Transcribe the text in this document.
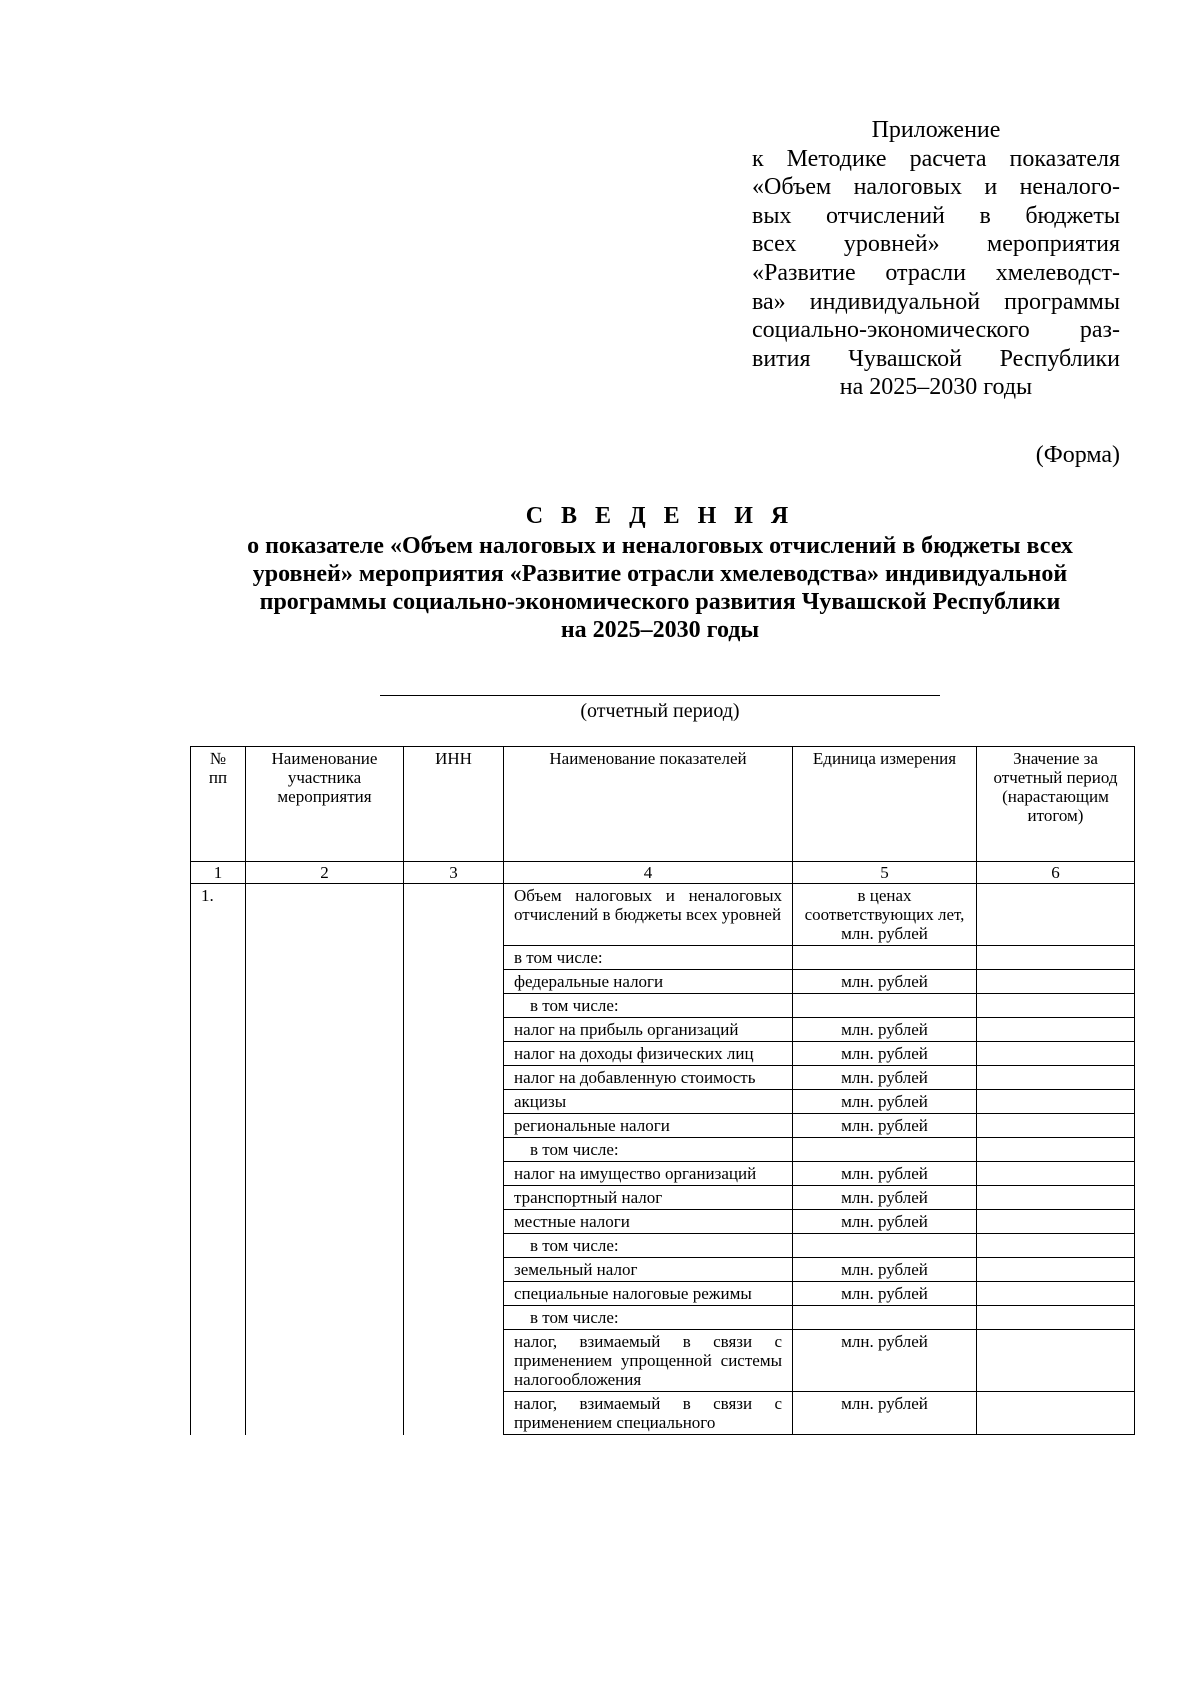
Приложение
к Методике расчета показателя
«Объем налоговых и неналого-
вых отчислений в бюджеты
всех уровней» мероприятия
«Развитие отрасли хмелеводст-
ва» индивидуальной программы
социально-экономического раз-
вития Чувашской Республики
на 2025–2030 годы
(Форма)
С В Е Д Е Н И Я
о показателе «Объем налоговых и неналоговых отчислений в бюджеты всех
уровней» мероприятия «Развитие отрасли хмелеводства» индивидуальной
программы социально-экономического развития Чувашской Республики
на 2025–2030 годы
(отчетный период)
№ пп	Наименование участника мероприятия	ИНН	Наименование показателей	Единица измерения	Значение за отчетный период (нарастающим итогом)
1	2	3	4	5	6
1.			Объем налоговых и неналоговых отчислений в бюджеты всех уровней	в ценах соответствующих лет, млн. рублей	
			в том числе:		
			федеральные налоги	млн. рублей	
			в том числе:		
			налог на прибыль организаций	млн. рублей	
			налог на доходы физических лиц	млн. рублей	
			налог на добавленную стоимость	млн. рублей	
			акцизы	млн. рублей	
			региональные налоги	млн. рублей	
			в том числе:		
			налог на имущество организаций	млн. рублей	
			транспортный налог	млн. рублей	
			местные налоги	млн. рублей	
			в том числе:		
			земельный налог	млн. рублей	
			специальные налоговые режимы	млн. рублей	
			в том числе:		
			налог, взимаемый в связи с применением упрощенной системы налогообложения	млн. рублей	
			налог, взимаемый в связи с применением специального	млн. рублей	
